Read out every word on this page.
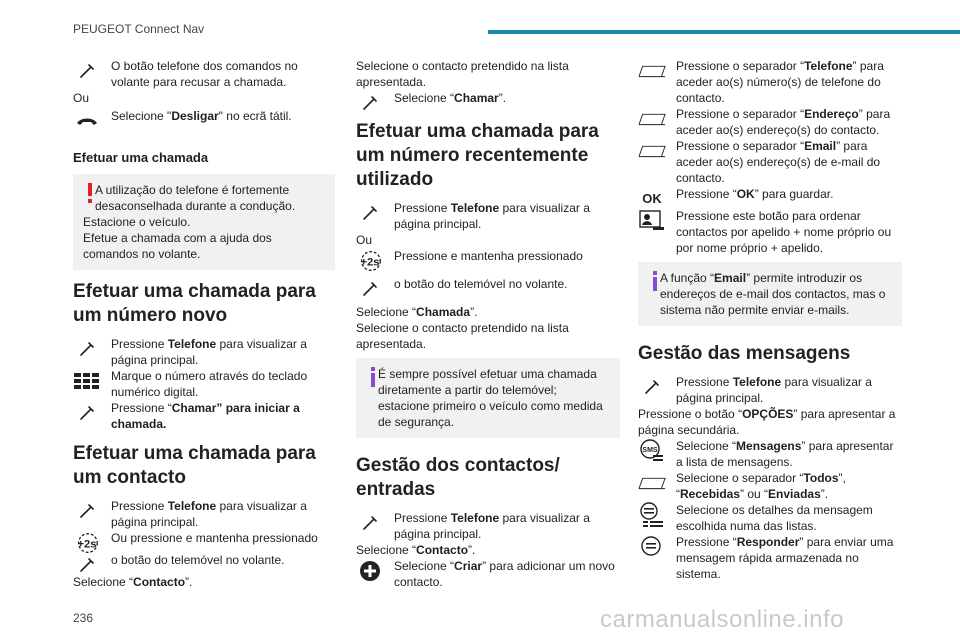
PEUGEOT Connect Nav
O botão telefone dos comandos no volante para recusar a chamada.
Ou
Selecione "Desligar" no ecrã tátil.
Efetuar uma chamada
A utilização do telefone é fortemente desaconselhada durante a condução.
Estacione o veículo.
Efetue a chamada com a ajuda dos comandos no volante.
Efetuar uma chamada para um número novo
Pressione Telefone para visualizar a página principal.
Marque o número através do teclado numérico digital.
Pressione “Chamar” para iniciar a chamada.
Efetuar uma chamada para um contacto
Pressione Telefone para visualizar a página principal.
+2s Ou pressione e mantenha pressionado
o botão do telemóvel no volante.
Selecione “Contacto”.
Selecione o contacto pretendido na lista apresentada.
Selecione “Chamar”.
Efetuar uma chamada para um número recentemente utilizado
Pressione Telefone para visualizar a página principal.
Ou
+2s Pressione e mantenha pressionado
o botão do telemóvel no volante.
Selecione “Chamada”.
Selecione o contacto pretendido na lista apresentada.
É sempre possível efetuar uma chamada diretamente a partir do telemóvel; estacione primeiro o veículo como medida de segurança.
Gestão dos contactos/ entradas
Pressione Telefone para visualizar a página principal.
Selecione “Contacto”.
Selecione “Criar” para adicionar um novo contacto.
Pressione o separador “Telefone” para aceder ao(s) número(s) de telefone do contacto.
Pressione o separador “Endereço” para aceder ao(s) endereço(s) do contacto.
Pressione o separador “Email” para aceder ao(s) endereço(s) de e-mail do contacto.
OK	Pressione “OK” para guardar.
Pressione este botão para ordenar contactos por apelido + nome próprio ou por nome próprio + apelido.
A função “Email” permite introduzir os endereços de e-mail dos contactos, mas o sistema não permite enviar e-mails.
Gestão das mensagens
Pressione Telefone para visualizar a página principal.
Pressione o botão “OPÇÕES” para apresentar a página secundária.
SMS Selecione “Mensagens” para apresentar a lista de mensagens.
Selecione o separador “Todos”, “Recebidas” ou “Enviadas”.
Selecione os detalhes da mensagem escolhida numa das listas.
Pressione “Responder” para enviar uma mensagem rápida armazenada no sistema.
236	carmanualsonline.info
